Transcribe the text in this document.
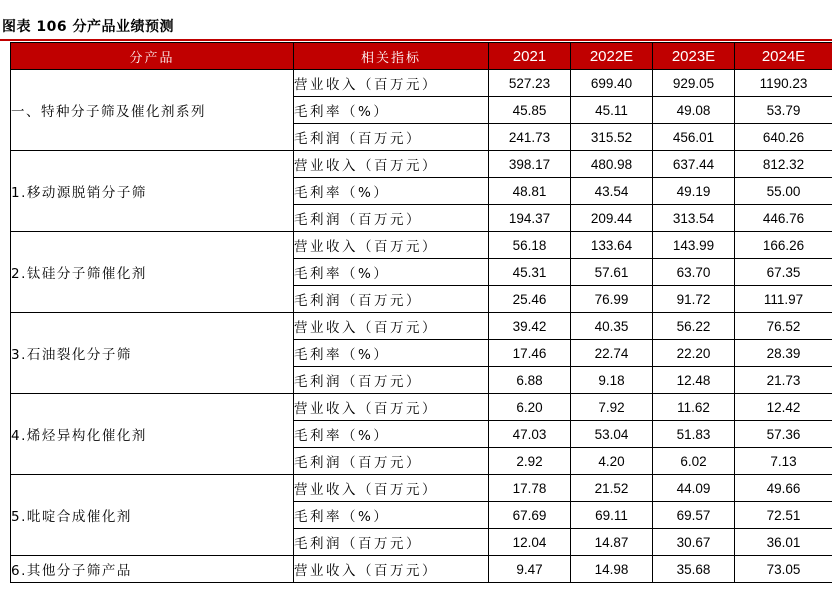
图表 106 分产品业绩预测
分产品	相关指标	2021	2022E	2023E	2024E
一、特种分子筛及催化剂系列	营业收入（百万元）	527.23	699.40	929.05	1190.23
	毛利率（%）	45.85	45.11	49.08	53.79
	毛利润（百万元）	241.73	315.52	456.01	640.26
1.移动源脱销分子筛	营业收入（百万元）	398.17	480.98	637.44	812.32
	毛利率（%）	48.81	43.54	49.19	55.00
	毛利润（百万元）	194.37	209.44	313.54	446.76
2.钛硅分子筛催化剂	营业收入（百万元）	56.18	133.64	143.99	166.26
	毛利率（%）	45.31	57.61	63.70	67.35
	毛利润（百万元）	25.46	76.99	91.72	111.97
3.石油裂化分子筛	营业收入（百万元）	39.42	40.35	56.22	76.52
	毛利率（%）	17.46	22.74	22.20	28.39
	毛利润（百万元）	6.88	9.18	12.48	21.73
4.烯烃异构化催化剂	营业收入（百万元）	6.20	7.92	11.62	12.42
	毛利率（%）	47.03	53.04	51.83	57.36
	毛利润（百万元）	2.92	4.20	6.02	7.13
5.吡啶合成催化剂	营业收入（百万元）	17.78	21.52	44.09	49.66
	毛利率（%）	67.69	69.11	69.57	72.51
	毛利润（百万元）	12.04	14.87	30.67	36.01
6.其他分子筛产品	营业收入（百万元）	9.47	14.98	35.68	73.05
